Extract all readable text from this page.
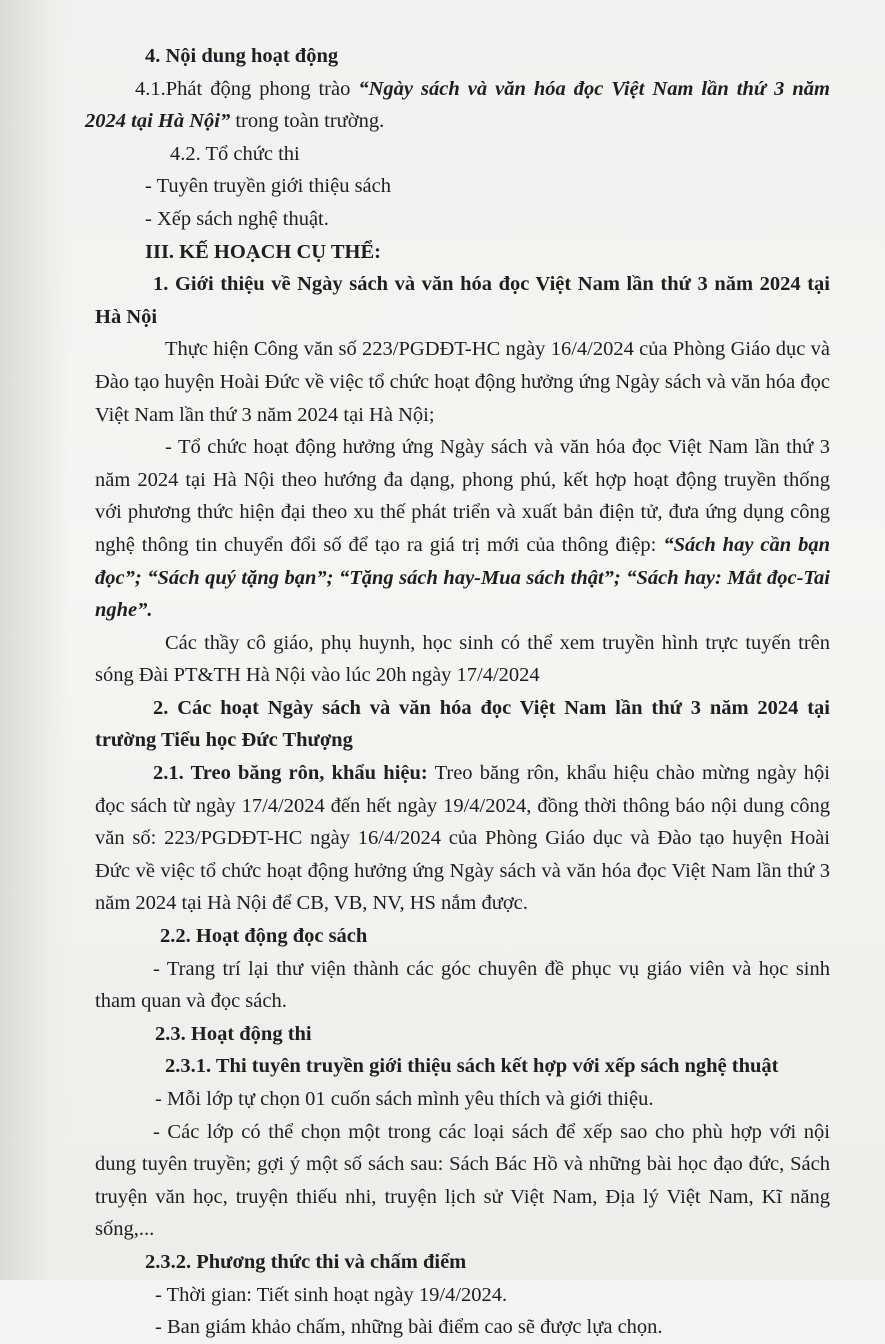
4. Nội dung hoạt động

4.1.Phát động phong trào “Ngày sách và văn hóa đọc Việt Nam lần thứ 3 năm 2024 tại Hà Nội” trong toàn trường.

4.2. Tổ chức thi

- Tuyên truyền giới thiệu sách

- Xếp sách nghệ thuật.

III. KẾ HOẠCH CỤ THỂ:

1. Giới thiệu về Ngày sách và văn hóa đọc Việt Nam lần thứ 3 năm 2024 tại Hà Nội

Thực hiện Công văn số 223/PGDĐT-HC ngày 16/4/2024 của Phòng Giáo dục và Đào tạo huyện Hoài Đức về việc tổ chức hoạt động hưởng ứng Ngày sách và văn hóa đọc Việt Nam lần thứ 3 năm 2024 tại Hà Nội;

- Tổ chức hoạt động hưởng ứng Ngày sách và văn hóa đọc Việt Nam lần thứ 3 năm 2024 tại Hà Nội theo hướng đa dạng, phong phú, kết hợp hoạt động truyền thống với phương thức hiện đại theo xu thế phát triển và xuất bản điện tử, đưa ứng dụng công nghệ thông tin chuyển đổi số để tạo ra giá trị mới của thông điệp: “Sách hay cần bạn đọc”; “Sách quý tặng bạn”; “Tặng sách hay-Mua sách thật”; “Sách hay: Mắt đọc-Tai nghe”.

Các thầy cô giáo, phụ huynh, học sinh có thể xem truyền hình trực tuyến trên sóng Đài PT&TH Hà Nội vào lúc 20h ngày 17/4/2024

2. Các hoạt Ngày sách và văn hóa đọc Việt Nam lần thứ 3 năm 2024 tại trường Tiểu học Đức Thượng

2.1. Treo băng rôn, khẩu hiệu: Treo băng rôn, khẩu hiệu chào mừng ngày hội đọc sách từ ngày 17/4/2024 đến hết ngày 19/4/2024, đồng thời thông báo nội dung công văn số: 223/PGDĐT-HC ngày 16/4/2024 của Phòng Giáo dục và Đào tạo huyện Hoài Đức về việc tổ chức hoạt động hưởng ứng Ngày sách và văn hóa đọc Việt Nam lần thứ 3 năm 2024 tại Hà Nội để CB, VB, NV, HS nắm được.

2.2. Hoạt động đọc sách

- Trang trí lại thư viện thành các góc chuyên đề phục vụ giáo viên và học sinh tham quan và đọc sách.

2.3. Hoạt động thi

2.3.1. Thi tuyên truyền giới thiệu sách kết hợp với xếp sách nghệ thuật

- Mỗi lớp tự chọn 01 cuốn sách mình yêu thích và giới thiệu.

- Các lớp có thể chọn một trong các loại sách để xếp sao cho phù hợp với nội dung tuyên truyền; gợi ý một số sách sau: Sách Bác Hồ và những bài học đạo đức, Sách truyện văn học, truyện thiếu nhi, truyện lịch sử Việt Nam, Địa lý Việt Nam, Kĩ năng sống,...

2.3.2. Phương thức thi và chấm điểm

- Thời gian: Tiết sinh hoạt ngày 19/4/2024.

- Ban giám khảo chấm, những bài điểm cao sẽ được lựa chọn.
